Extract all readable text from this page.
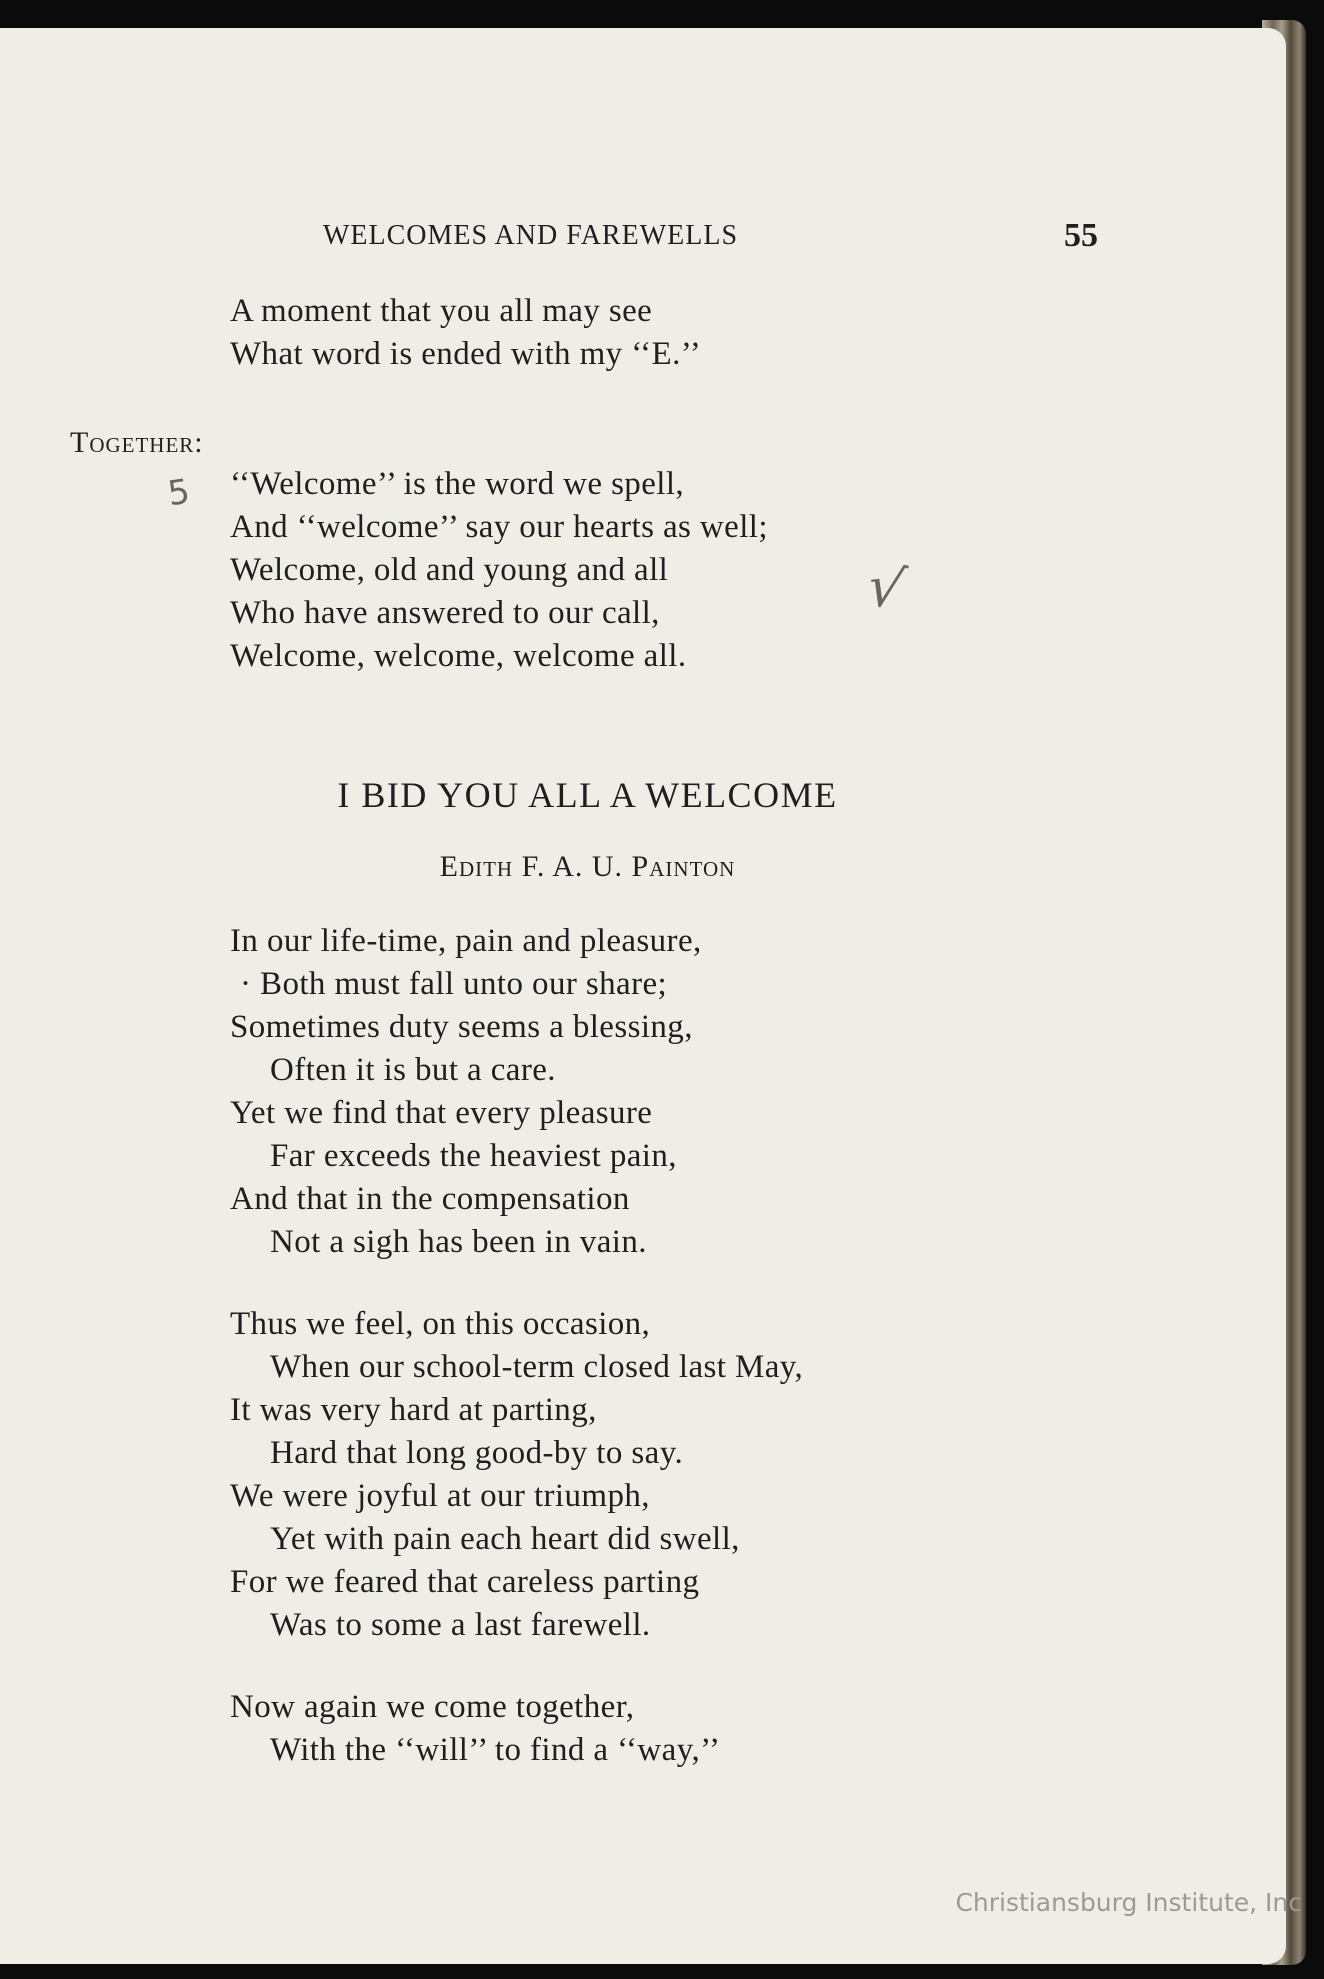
WELCOMES AND FAREWELLS	55
A moment that you all may see
What word is ended with my ‘‘E.’’
Together:
5 ‘‘Welcome’’ is the word we spell,
And ‘‘welcome’’ say our hearts as well;
Welcome, old and young and all
Who have answered to our call,
Welcome, welcome, welcome all.
√
I BID YOU ALL A WELCOME
Edith F. A. U. Painton
In our life-time, pain and pleasure,
· Both must fall unto our share;
Sometimes duty seems a blessing,
Often it is but a care.
Yet we find that every pleasure
Far exceeds the heaviest pain,
And that in the compensation
Not a sigh has been in vain.
Thus we feel, on this occasion,
When our school-term closed last May,
It was very hard at parting,
Hard that long good-by to say.
We were joyful at our triumph,
Yet with pain each heart did swell,
For we feared that careless parting
Was to some a last farewell.
Now again we come together,
With the ‘‘will’’ to find a ‘‘way,’’
Christiansburg Institute, Inc
